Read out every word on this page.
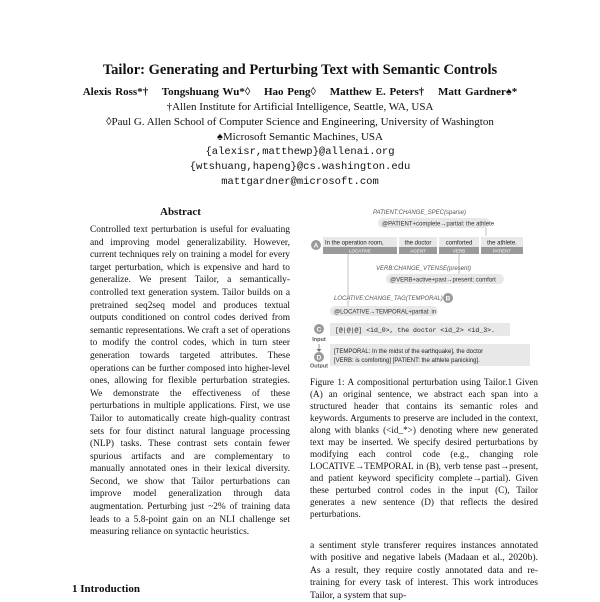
Tailor: Generating and Perturbing Text with Semantic Controls
Alexis Ross*† Tongshuang Wu*◊ Hao Peng◊ Matthew E. Peters† Matt Gardner♠*
†Allen Institute for Artificial Intelligence, Seattle, WA, USA
◊Paul G. Allen School of Computer Science and Engineering, University of Washington
♠Microsoft Semantic Machines, USA
{alexisr,matthewp}@allenai.org
{wtshuang,hapeng}@cs.washington.edu
mattgardner@microsoft.com
Abstract
Controlled text perturbation is useful for evaluating and improving model generalizability. However, current techniques rely on training a model for every target perturbation, which is expensive and hard to generalize. We present Tailor, a semantically-controlled text generation system. Tailor builds on a pretrained seq2seq model and produces textual outputs conditioned on control codes derived from semantic representations. We craft a set of operations to modify the control codes, which in turn steer generation towards targeted attributes. These operations can be further composed into higher-level ones, allowing for flexible perturbation strategies. We demonstrate the effectiveness of these perturbations in multiple applications. First, we use Tailor to automatically create high-quality contrast sets for four distinct natural language processing (NLP) tasks. These contrast sets contain fewer spurious artifacts and are complementary to manually annotated ones in their lexical diversity. Second, we show that Tailor perturbations can improve model generalization through data augmentation. Perturbing just ~2% of training data leads to a 5.8-point gain on an NLI challenge set measuring reliance on syntactic heuristics.
1 Introduction
PATIENT:CHANGE_SPEC(sparse)
@PATIENT+complete→partial: the athlete
A In the operation room,
LOCATIVE
the doctor
AGENT
comforted
VERB
the athlete.
PATIENT
VERB:CHANGE_VTENSE(present)
@VERB+active+past→present: comfort
LOCATIVE:CHANGE_TAG(TEMPORAL) B
@LOCATIVE→TEMPORAL+partial: in
C
Input
[@|@|@] <id_0>, the doctor <id_2> <id_3>.
D
Output
[TEMPORAL: In the midst of the earthquake], the doctor
[VERB: is comforting] [PATIENT: the athlete panicking].
Figure 1: A compositional perturbation using Tailor.1 Given (A) an original sentence, we abstract each span into a structured header that contains its semantic roles and keywords. Arguments to preserve are included in the context, along with blanks (<id_*>) denoting where new generated text may be inserted. We specify desired perturbations by modifying each control code (e.g., changing role LOCATIVE→TEMPORAL in (B), verb tense past→present, and patient keyword specificity complete→partial). Given these perturbed control codes in the input (C), Tailor generates a new sentence (D) that reflects the desired perturbations.
a sentiment style transferer requires instances annotated with positive and negative labels (Madaan et al., 2020b). As a result, they require costly annotated data and re-training for every task of interest. This work introduces Tailor, a system that sup-
